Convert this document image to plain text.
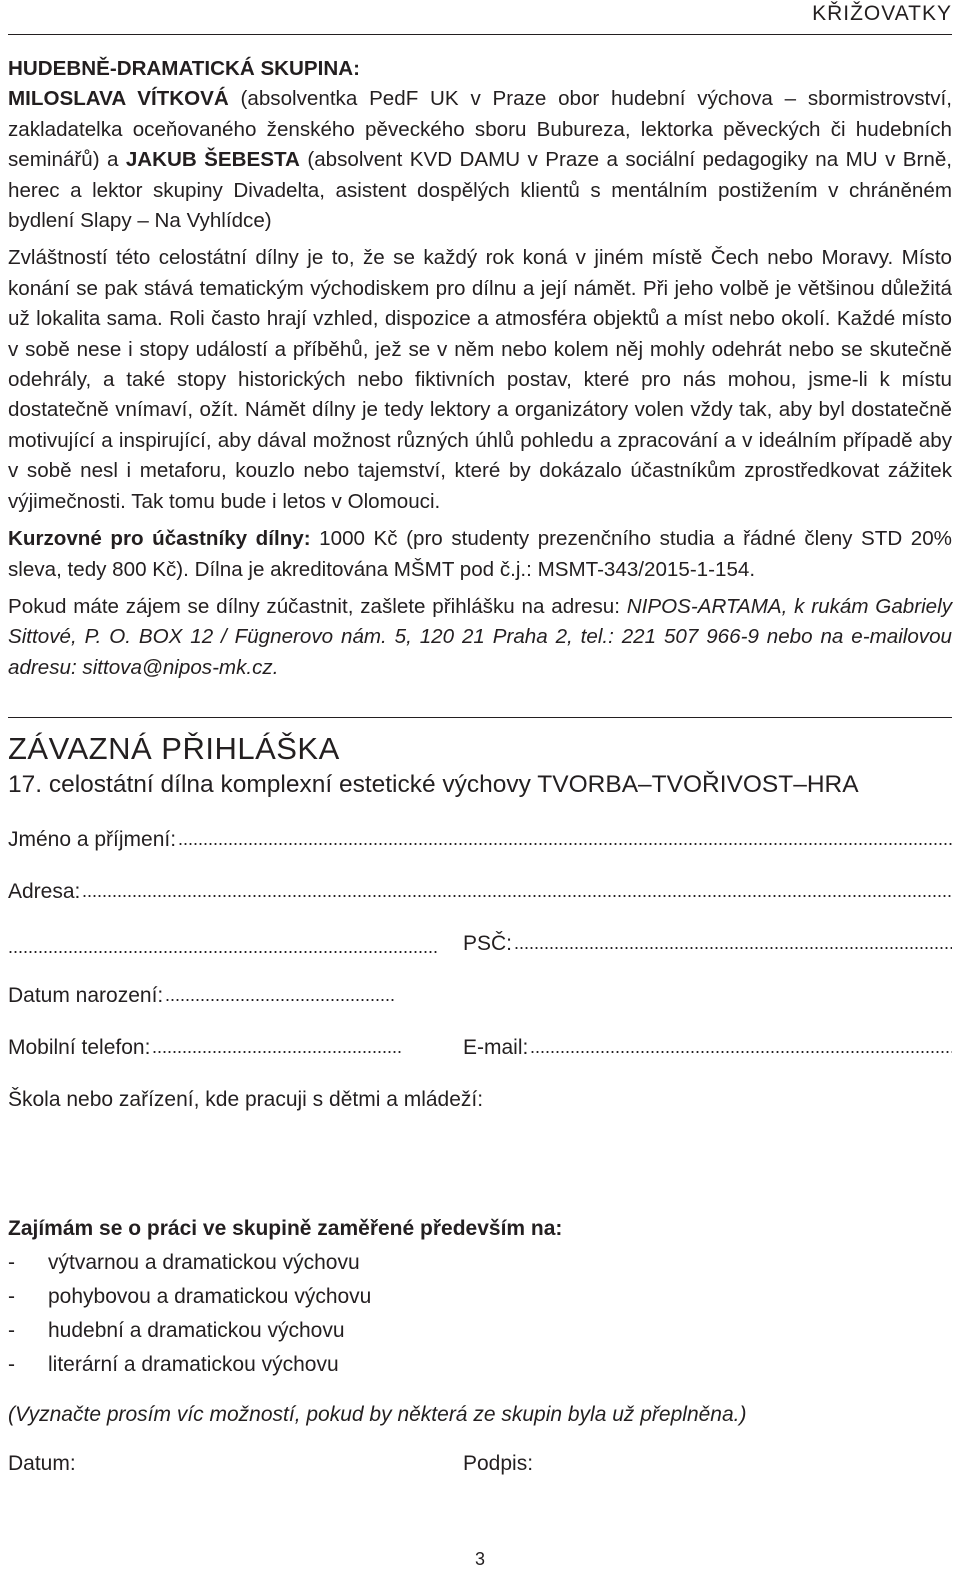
KŘIŽOVATKY

HUDEBNĚ-DRAMATICKÁ SKUPINA:
MILOSLAVA VÍTKOVÁ (absolventka PedF UK v Praze obor hudební výchova – sbormistrovství, zakladatelka oceňovaného ženského pěveckého sboru Bubureza, lektorka pěveckých či hudebních seminářů) a JAKUB ŠEBESTA (absolvent KVD DAMU v Praze a sociální pedagogiky na MU v Brně, herec a lektor skupiny Divadelta, asistent dospělých klientů s mentálním postižením v chráněném bydlení Slapy – Na Vyhlídce)

Zvláštností této celostátní dílny je to, že se každý rok koná v jiném místě Čech nebo Moravy. Místo konání se pak stává tematickým východiskem pro dílnu a její námět. Při jeho volbě je většinou důležitá už lokalita sama. Roli často hrají vzhled, dispozice a atmosféra objektů a míst nebo okolí. Každé místo v sobě nese i stopy událostí a příběhů, jež se v něm nebo kolem něj mohly odehrát nebo se skutečně odehrály, a také stopy historických nebo fiktivních postav, které pro nás mohou, jsme-li k místu dostatečně vnímaví, ožít. Námět dílny je tedy lektory a organizátory volen vždy tak, aby byl dostatečně motivující a inspirující, aby dával možnost různých úhlů pohledu a zpracování a v ideálním případě aby v sobě nesl i metaforu, kouzlo nebo tajemství, které by dokázalo účastníkům zprostředkovat zážitek výjimečnosti. Tak tomu bude i letos v Olomouci.

Kurzovné pro účastníky dílny: 1000 Kč (pro studenty prezenčního studia a řádné členy STD 20% sleva, tedy 800 Kč). Dílna je akreditována MŠMT pod č.j.: MSMT-343/2015-1-154.

Pokud máte zájem se dílny zúčastnit, zašlete přihlášku na adresu: NIPOS-ARTAMA, k rukám Gabriely Sittové, P. O. BOX 12 / Fügnerovo nám. 5, 120 21 Praha 2, tel.: 221 507 966-9 nebo na e-mailovou adresu: sittova@nipos-mk.cz.

ZÁVAZNÁ PŘIHLÁŠKA
17. celostátní dílna komplexní estetické výchovy TVORBA–TVOŘIVOST–HRA
Jméno a příjmení:
Adresa:
PSČ:
Datum narození:
Mobilní telefon:	E-mail:
Škola nebo zařízení, kde pracuji s dětmi a mládeží:
Zajímám se o práci ve skupině zaměřené především na:
-	výtvarnou a dramatickou výchovu
-	pohybovou a dramatickou výchovu
-	hudební a dramatickou výchovu
-	literární a dramatickou výchovu
(Vyznačte prosím víc možností, pokud by některá ze skupin byla už přeplněna.)
Datum:	Podpis:
3
